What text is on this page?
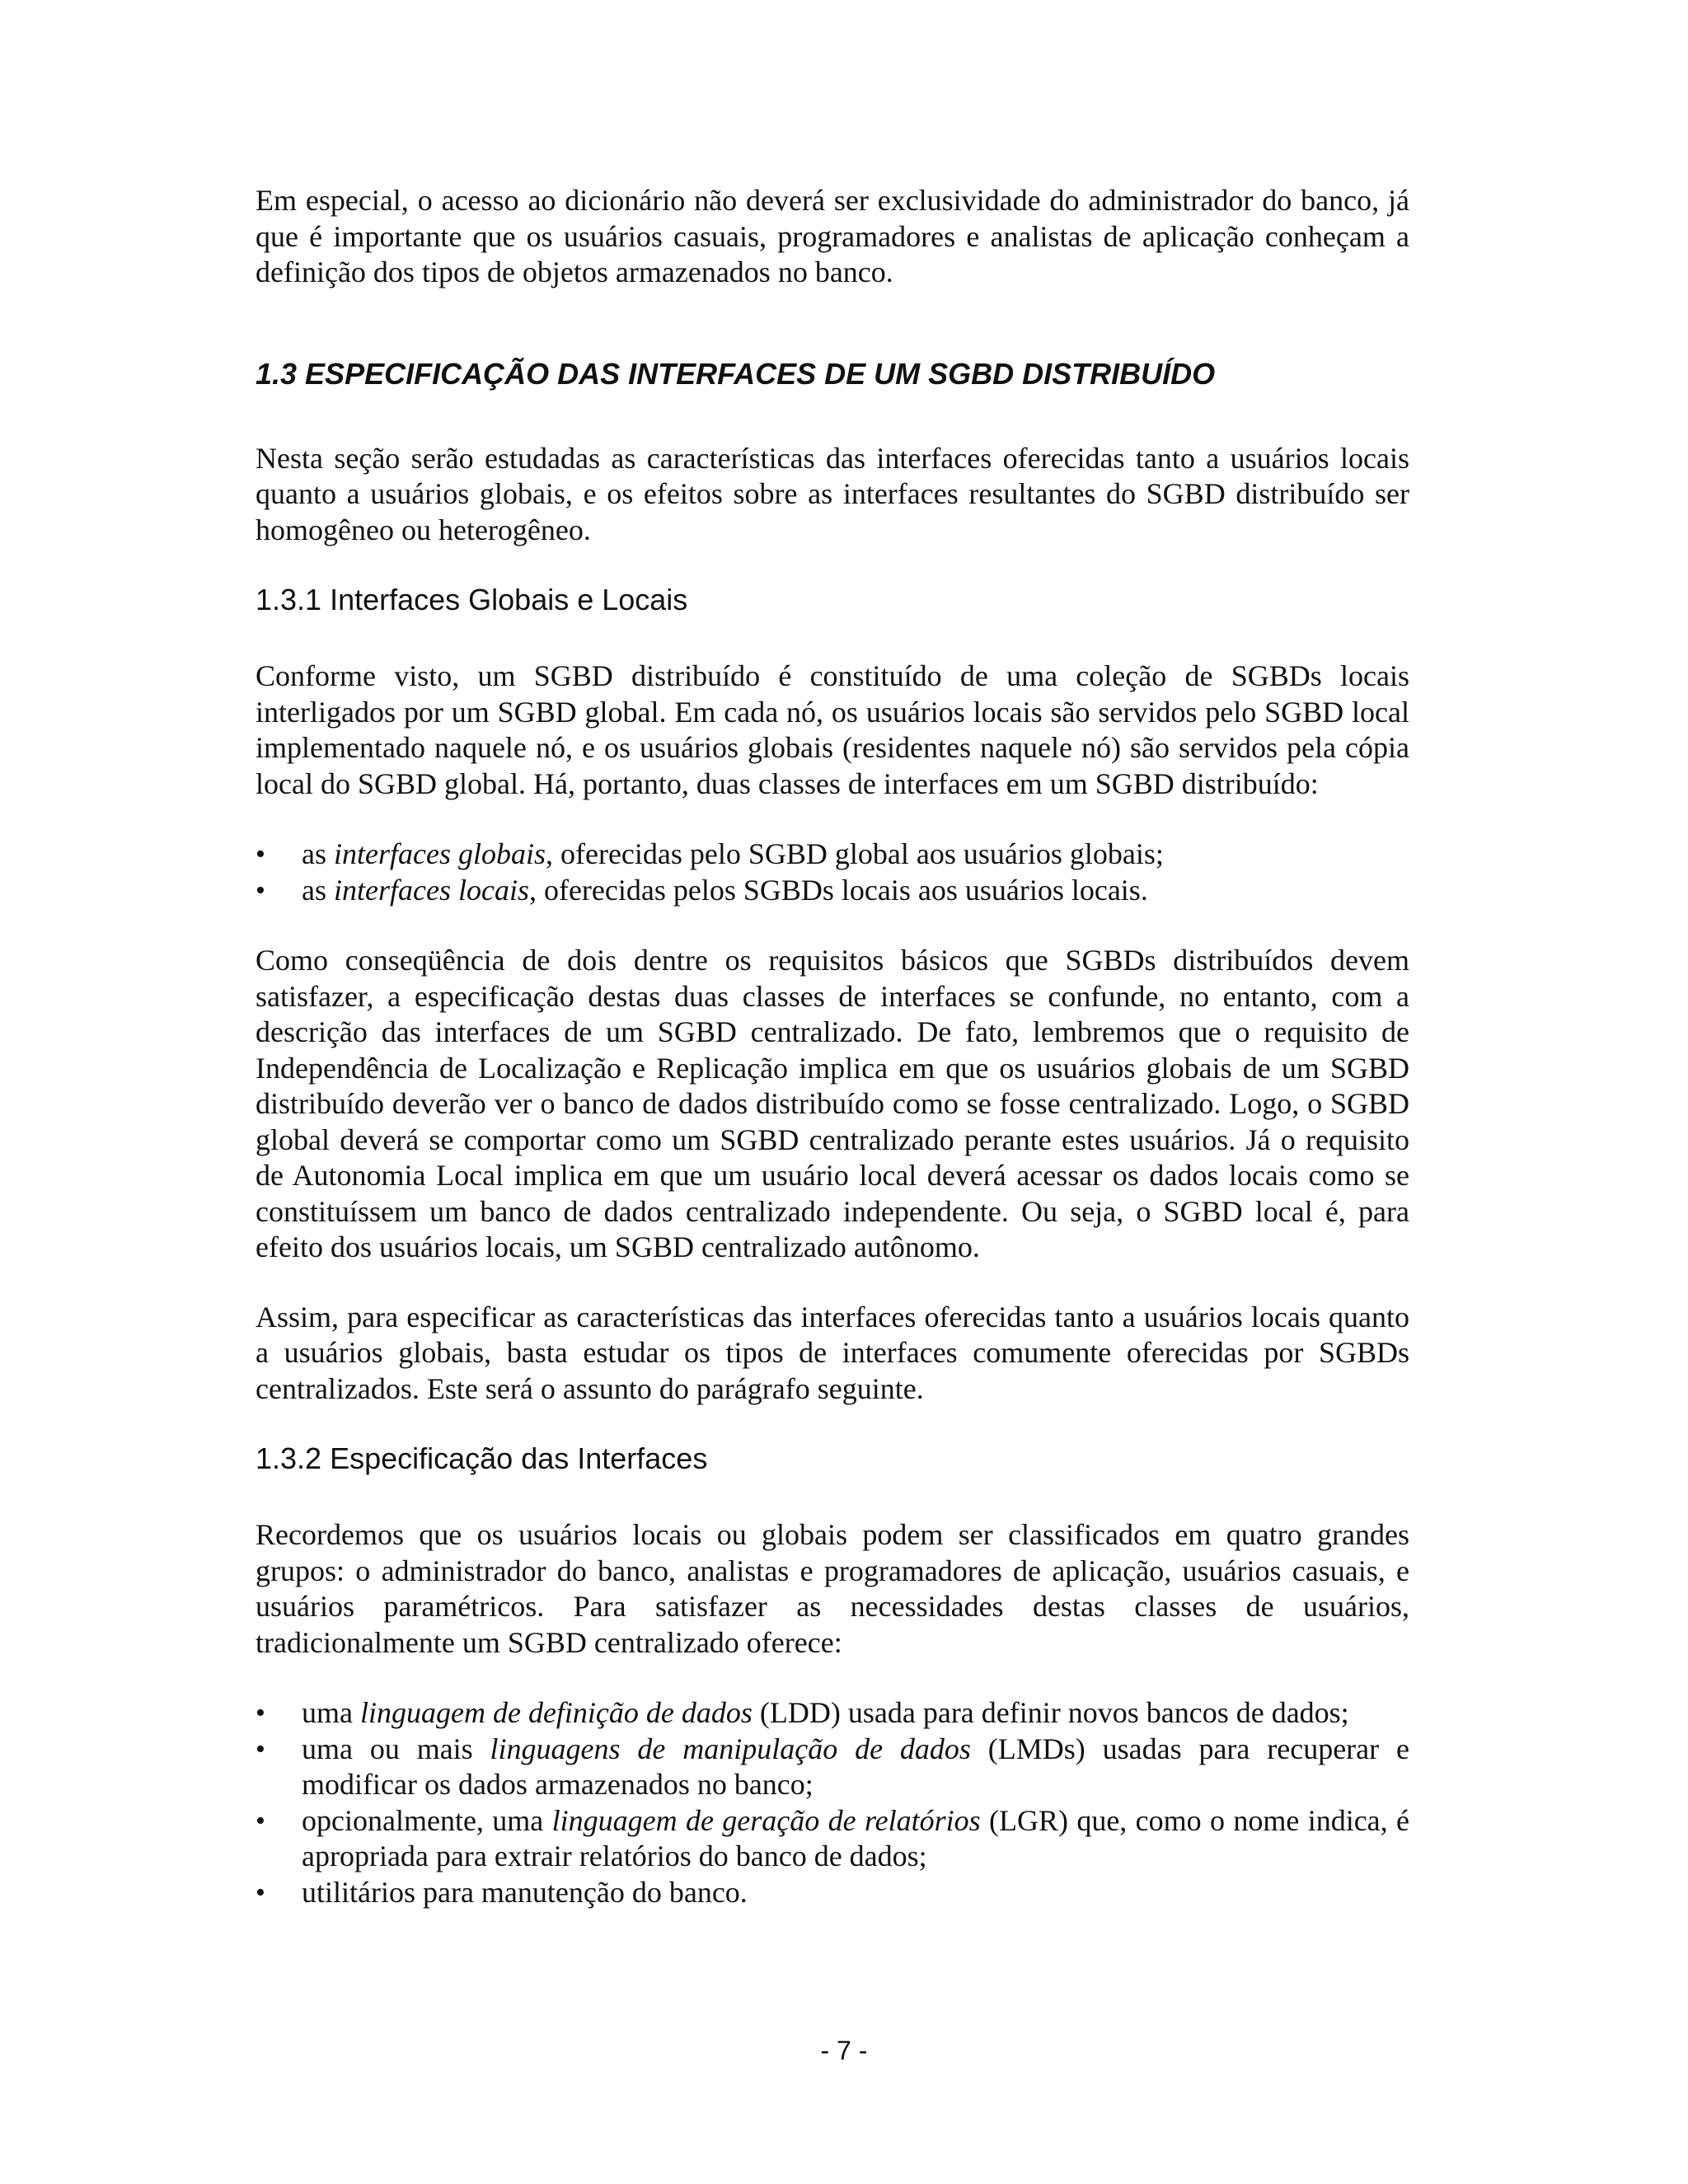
Em especial, o acesso ao dicionário não deverá ser exclusividade do administrador do banco, já que é importante que os usuários casuais, programadores e analistas de aplicação conheçam a definição dos tipos de objetos armazenados no banco.

1.3 ESPECIFICAÇÃO DAS INTERFACES DE UM SGBD DISTRIBUÍDO

Nesta seção serão estudadas as características das interfaces oferecidas tanto a usuários locais quanto a usuários globais, e os efeitos sobre as interfaces resultantes do SGBD distribuído ser homogêneo ou heterogêneo.

1.3.1 Interfaces Globais e Locais

Conforme visto, um SGBD distribuído é constituído de uma coleção de SGBDs locais interligados por um SGBD global. Em cada nó, os usuários locais são servidos pelo SGBD local implementado naquele nó, e os usuários globais (residentes naquele nó) são servidos pela cópia local do SGBD global. Há, portanto, duas classes de interfaces em um SGBD distribuído:

•	as interfaces globais, oferecidas pelo SGBD global aos usuários globais;
•	as interfaces locais, oferecidas pelos SGBDs locais aos usuários locais.

Como conseqüência de dois dentre os requisitos básicos que SGBDs distribuídos devem satisfazer, a especificação destas duas classes de interfaces se confunde, no entanto, com a descrição das interfaces de um SGBD centralizado. De fato, lembremos que o requisito de Independência de Localização e Replicação implica em que os usuários globais de um SGBD distribuído deverão ver o banco de dados distribuído como se fosse centralizado. Logo, o SGBD global deverá se comportar como um SGBD centralizado perante estes usuários. Já o requisito de Autonomia Local implica em que um usuário local deverá acessar os dados locais como se constituíssem um banco de dados centralizado independente. Ou seja, o SGBD local é, para efeito dos usuários locais, um SGBD centralizado autônomo.

Assim, para especificar as características das interfaces oferecidas tanto a usuários locais quanto a usuários globais, basta estudar os tipos de interfaces comumente oferecidas por SGBDs centralizados. Este será o assunto do parágrafo seguinte.

1.3.2 Especificação das Interfaces

Recordemos que os usuários locais ou globais podem ser classificados em quatro grandes grupos: o administrador do banco, analistas e programadores de aplicação, usuários casuais, e usuários paramétricos. Para satisfazer as necessidades destas classes de usuários, tradicionalmente um SGBD centralizado oferece:

•	uma linguagem de definição de dados (LDD) usada para definir novos bancos de dados;
•	uma ou mais linguagens de manipulação de dados (LMDs) usadas para recuperar e modificar os dados armazenados no banco;
•	opcionalmente, uma linguagem de geração de relatórios (LGR) que, como o nome indica, é apropriada para extrair relatórios do banco de dados;
•	utilitários para manutenção do banco.
- 7 -
